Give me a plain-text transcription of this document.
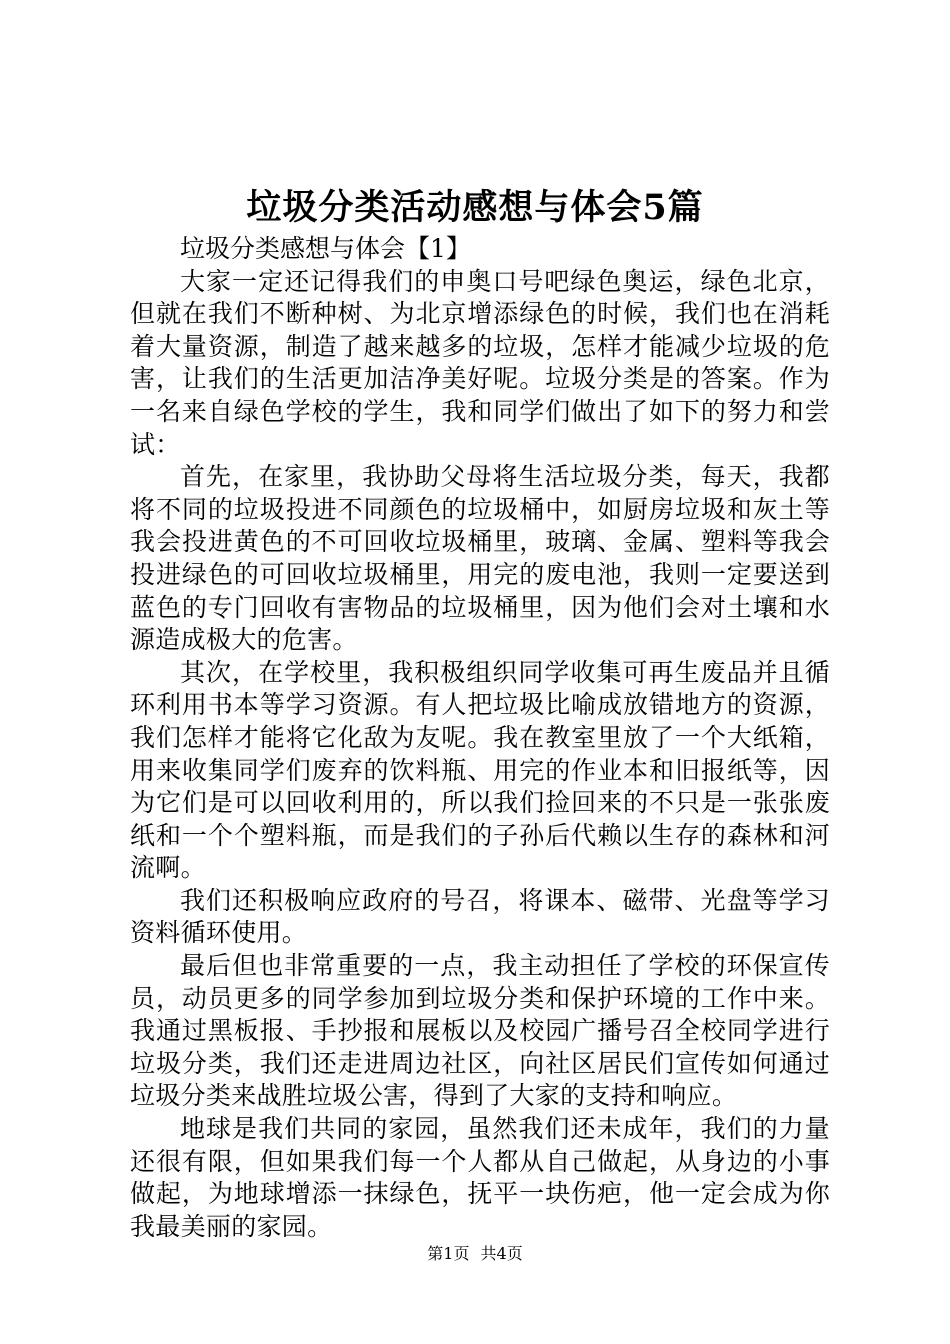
垃圾分类活动感想与体会5篇

垃圾分类感想与体会【1】

大家一定还记得我们的申奥口号吧绿色奥运，绿色北京，但就在我们不断种树、为北京增添绿色的时候，我们也在消耗着大量资源，制造了越来越多的垃圾，怎样才能减少垃圾的危害，让我们的生活更加洁净美好呢。垃圾分类是的答案。作为一名来自绿色学校的学生，我和同学们做出了如下的努力和尝试：

首先，在家里，我协助父母将生活垃圾分类，每天，我都将不同的垃圾投进不同颜色的垃圾桶中，如厨房垃圾和灰土等我会投进黄色的不可回收垃圾桶里，玻璃、金属、塑料等我会投进绿色的可回收垃圾桶里，用完的废电池，我则一定要送到蓝色的专门回收有害物品的垃圾桶里，因为他们会对土壤和水源造成极大的危害。

其次，在学校里，我积极组织同学收集可再生废品并且循环利用书本等学习资源。有人把垃圾比喻成放错地方的资源，我们怎样才能将它化敌为友呢。我在教室里放了一个大纸箱，用来收集同学们废弃的饮料瓶、用完的作业本和旧报纸等，因为它们是可以回收利用的，所以我们捡回来的不只是一张张废纸和一个个塑料瓶，而是我们的子孙后代赖以生存的森林和河流啊。

我们还积极响应政府的号召，将课本、磁带、光盘等学习资料循环使用。

最后但也非常重要的一点，我主动担任了学校的环保宣传员，动员更多的同学参加到垃圾分类和保护环境的工作中来。我通过黑板报、手抄报和展板以及校园广播号召全校同学进行垃圾分类，我们还走进周边社区，向社区居民们宣传如何通过垃圾分类来战胜垃圾公害，得到了大家的支持和响应。

地球是我们共同的家园，虽然我们还未成年，我们的力量还很有限，但如果我们每一个人都从自己做起，从身边的小事做起，为地球增添一抹绿色，抚平一块伤疤，他一定会成为你我最美丽的家园。

第1页 共4页
